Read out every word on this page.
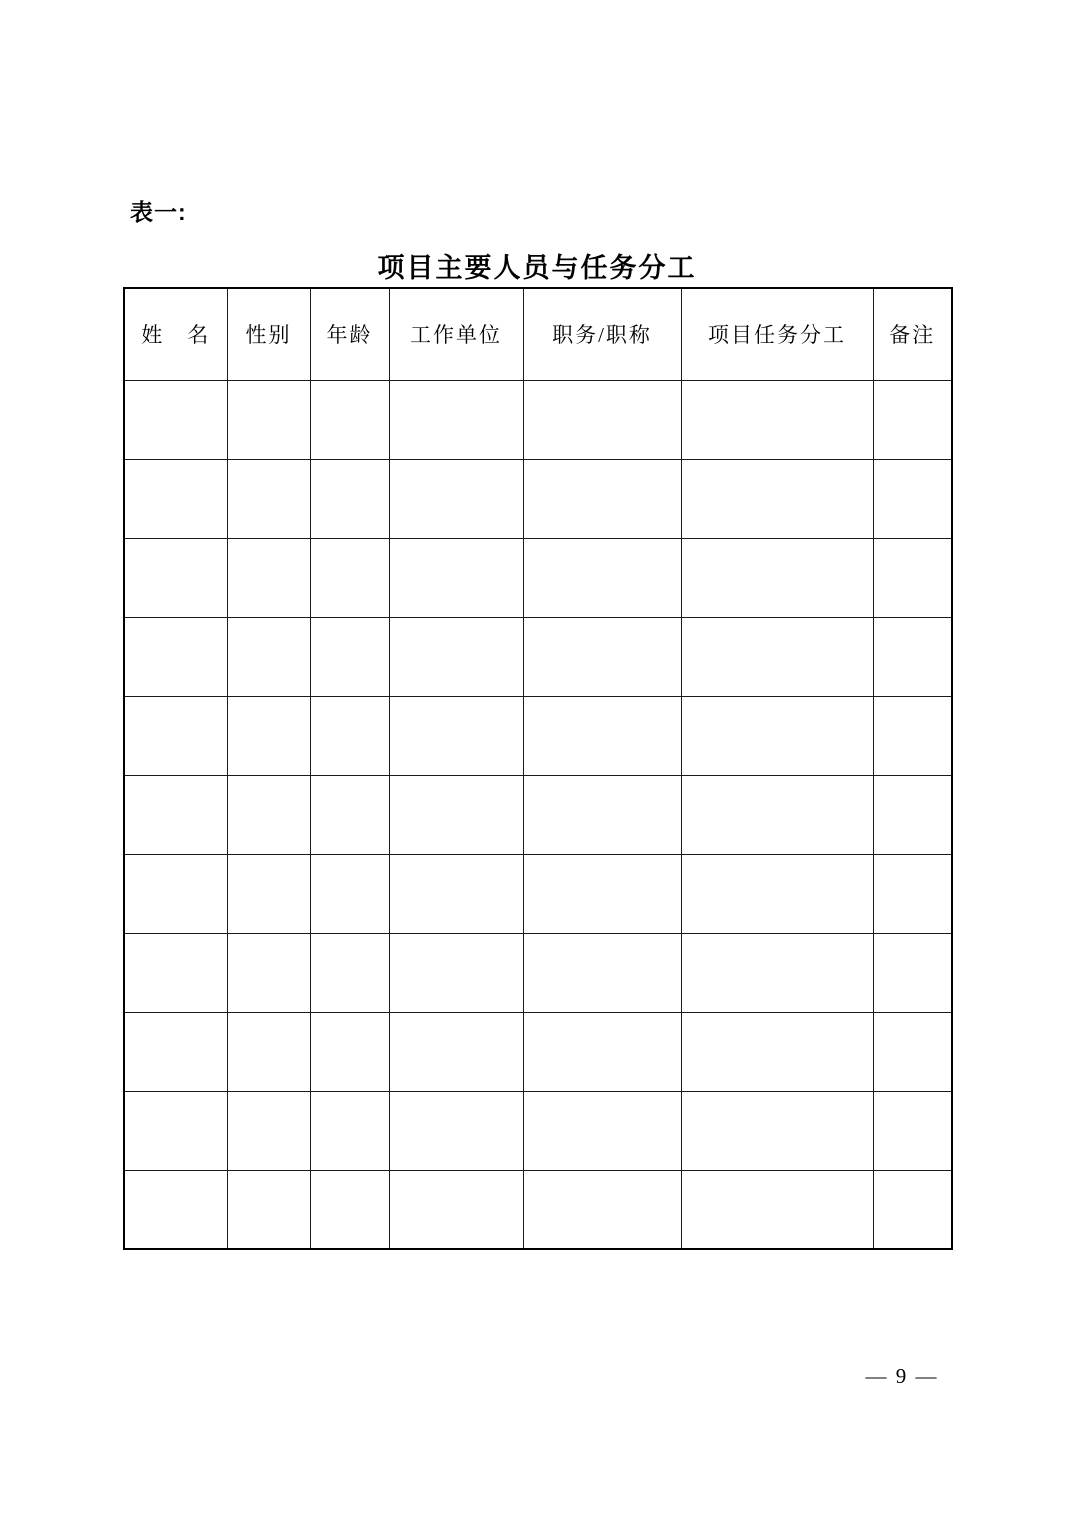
表一:
项目主要人员与任务分工
姓　名	性别	年龄	工作单位	职务/职称	项目任务分工	备注

— 9 —
